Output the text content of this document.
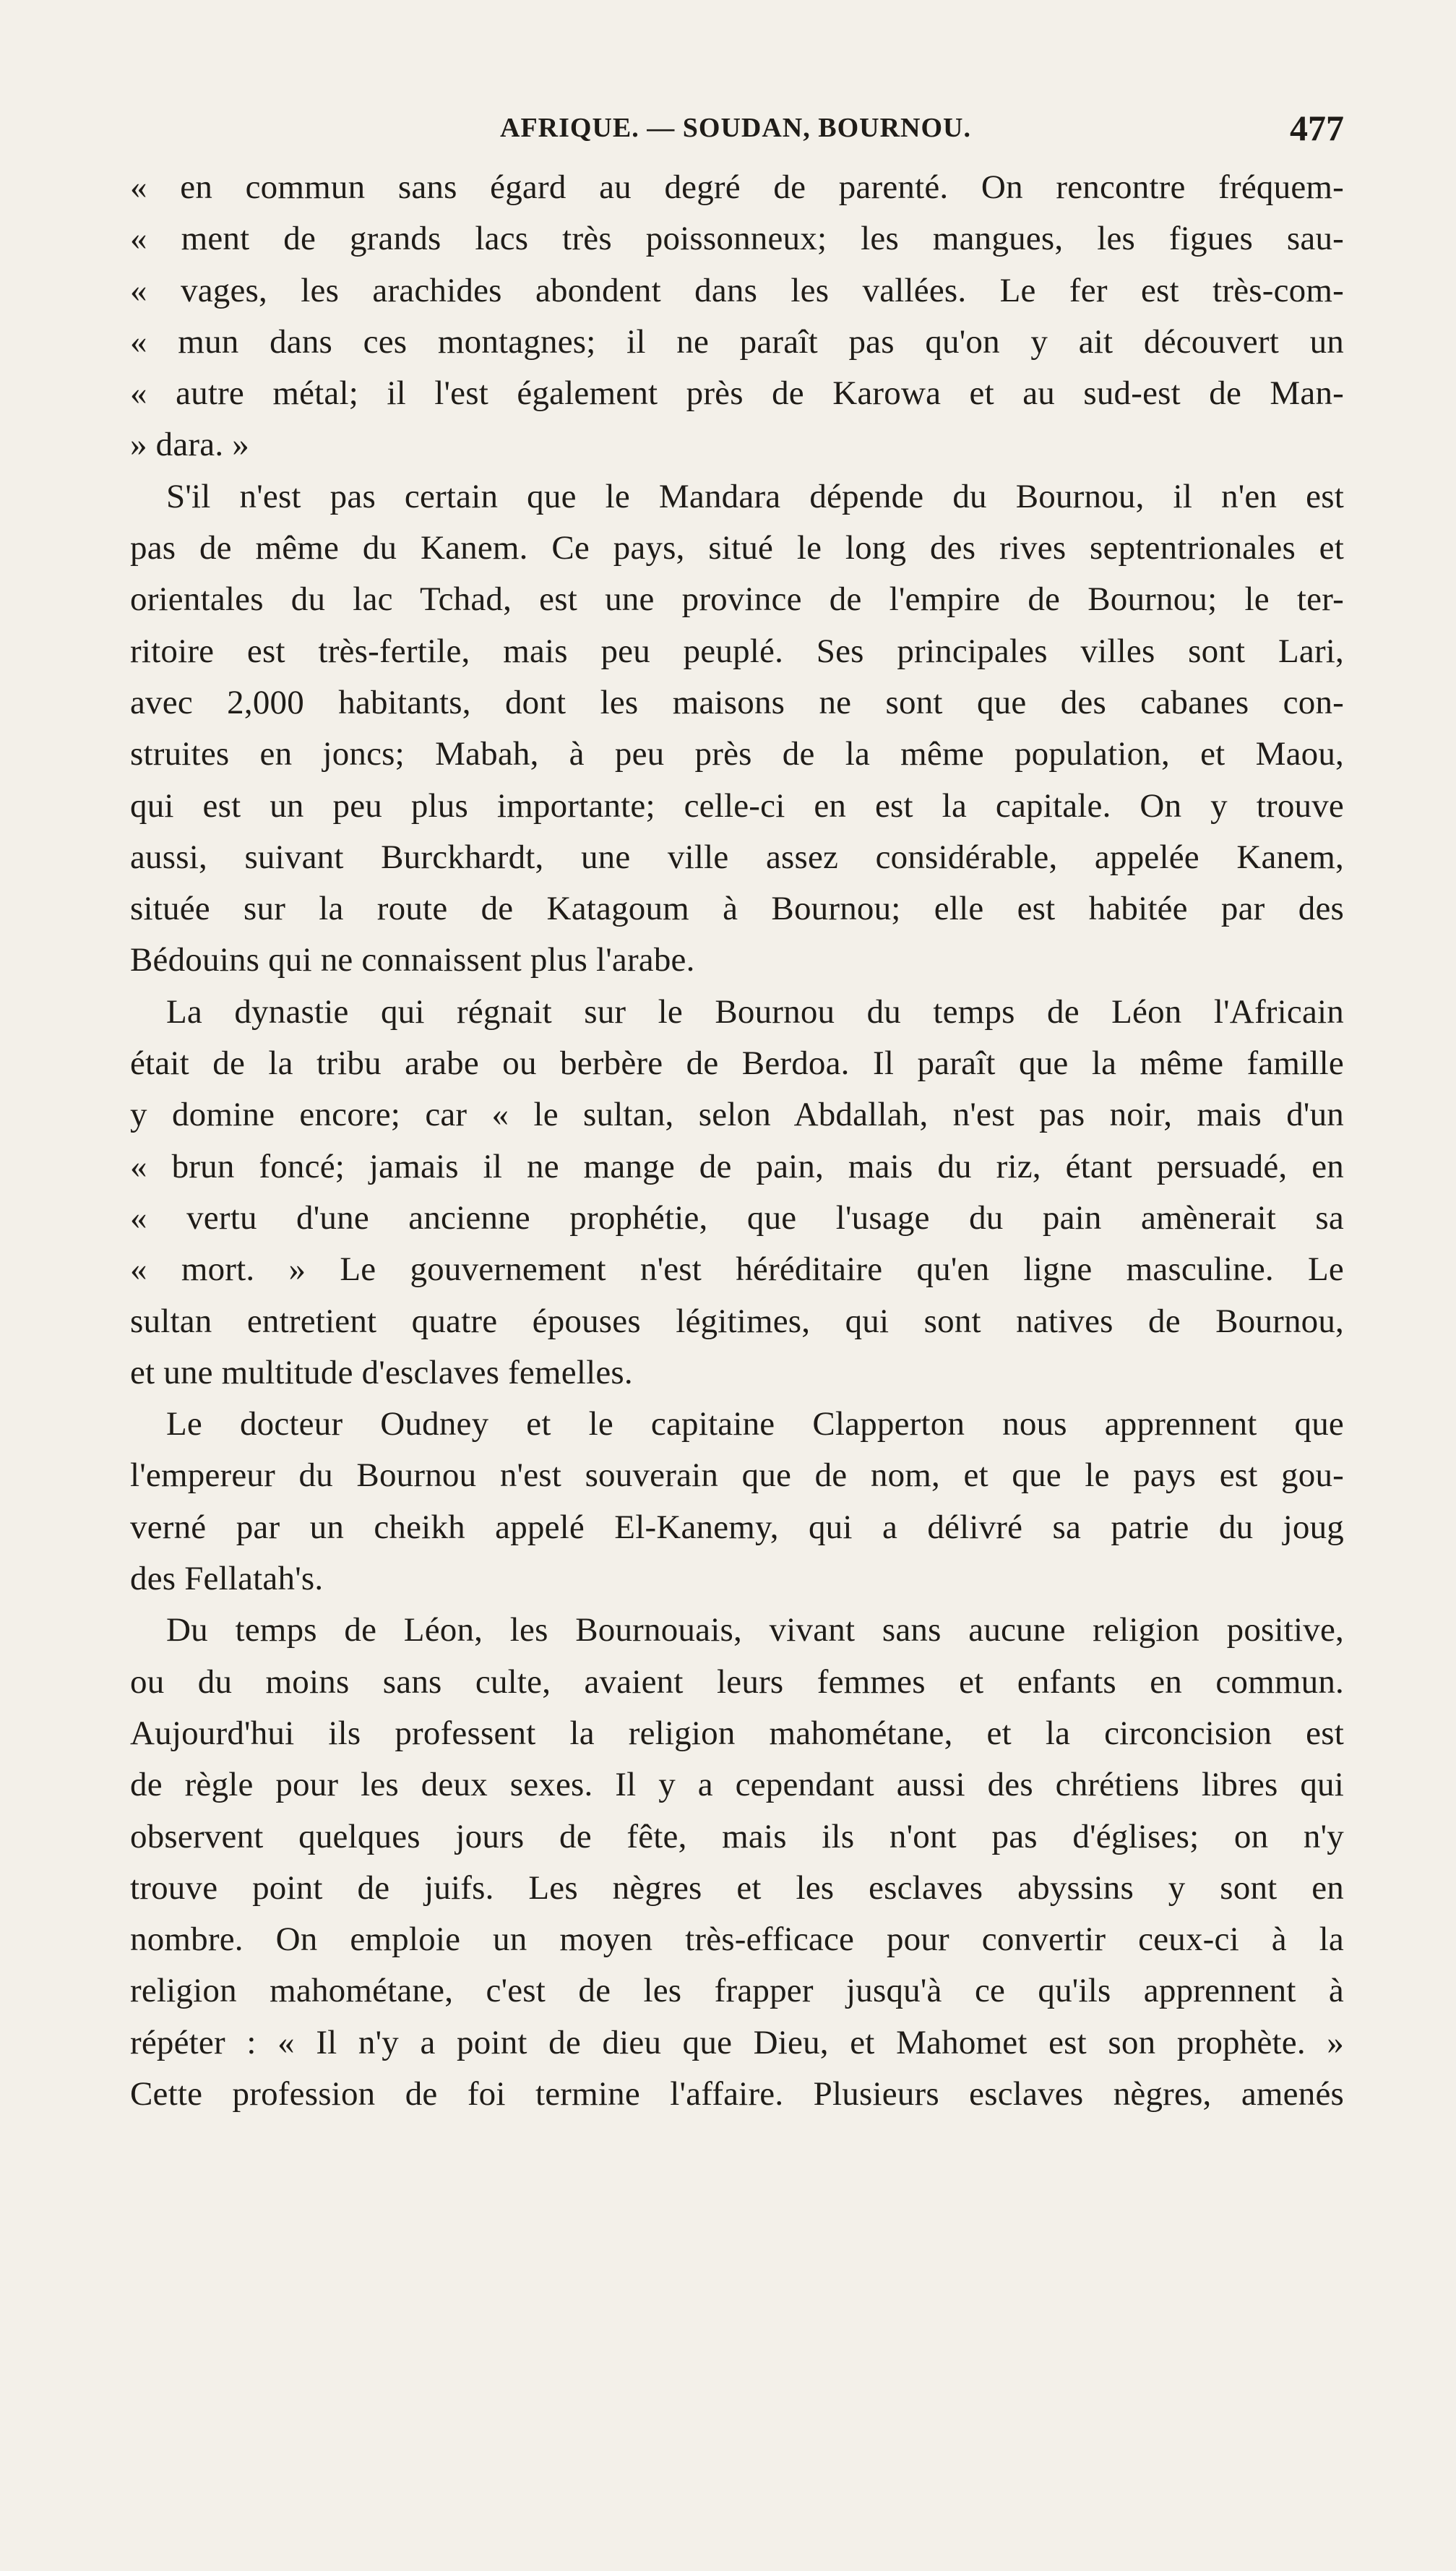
AFRIQUE. — SOUDAN, BOURNOU.	477

« en commun sans égard au degré de parenté. On rencontre fréquem-

« ment de grands lacs très poissonneux; les mangues, les figues sau-

« vages, les arachides abondent dans les vallées. Le fer est très-com-

« mun dans ces montagnes; il ne paraît pas qu'on y ait découvert un

« autre métal; il l'est également près de Karowa et au sud-est de Man-

» dara. »

S'il n'est pas certain que le Mandara dépende du Bournou, il n'en est

pas de même du Kanem. Ce pays, situé le long des rives septentrionales et

orientales du lac Tchad, est une province de l'empire de Bournou; le ter-

ritoire est très-fertile, mais peu peuplé. Ses principales villes sont Lari,

avec 2,000 habitants, dont les maisons ne sont que des cabanes con-

struites en joncs; Mabah, à peu près de la même population, et Maou,

qui est un peu plus importante; celle-ci en est la capitale. On y trouve

aussi, suivant Burckhardt, une ville assez considérable, appelée Kanem,

située sur la route de Katagoum à Bournou; elle est habitée par des

Bédouins qui ne connaissent plus l'arabe.

La dynastie qui régnait sur le Bournou du temps de Léon l'Africain

était de la tribu arabe ou berbère de Berdoa. Il paraît que la même famille

y domine encore; car « le sultan, selon Abdallah, n'est pas noir, mais d'un

« brun foncé; jamais il ne mange de pain, mais du riz, étant persuadé, en

« vertu d'une ancienne prophétie, que l'usage du pain amènerait sa

« mort. » Le gouvernement n'est héréditaire qu'en ligne masculine. Le

sultan entretient quatre épouses légitimes, qui sont natives de Bournou,

et une multitude d'esclaves femelles.

Le docteur Oudney et le capitaine Clapperton nous apprennent que

l'empereur du Bournou n'est souverain que de nom, et que le pays est gou-

verné par un cheikh appelé El-Kanemy, qui a délivré sa patrie du joug

des Fellatah's.

Du temps de Léon, les Bournouais, vivant sans aucune religion positive,

ou du moins sans culte, avaient leurs femmes et enfants en commun.

Aujourd'hui ils professent la religion mahométane, et la circoncision est

de règle pour les deux sexes. Il y a cependant aussi des chrétiens libres qui

observent quelques jours de fête, mais ils n'ont pas d'églises; on n'y

trouve point de juifs. Les nègres et les esclaves abyssins y sont en

nombre. On emploie un moyen très-efficace pour convertir ceux-ci à la

religion mahométane, c'est de les frapper jusqu'à ce qu'ils apprennent à

répéter : « Il n'y a point de dieu que Dieu, et Mahomet est son prophète. »

Cette profession de foi termine l'affaire. Plusieurs esclaves nègres, amenés
